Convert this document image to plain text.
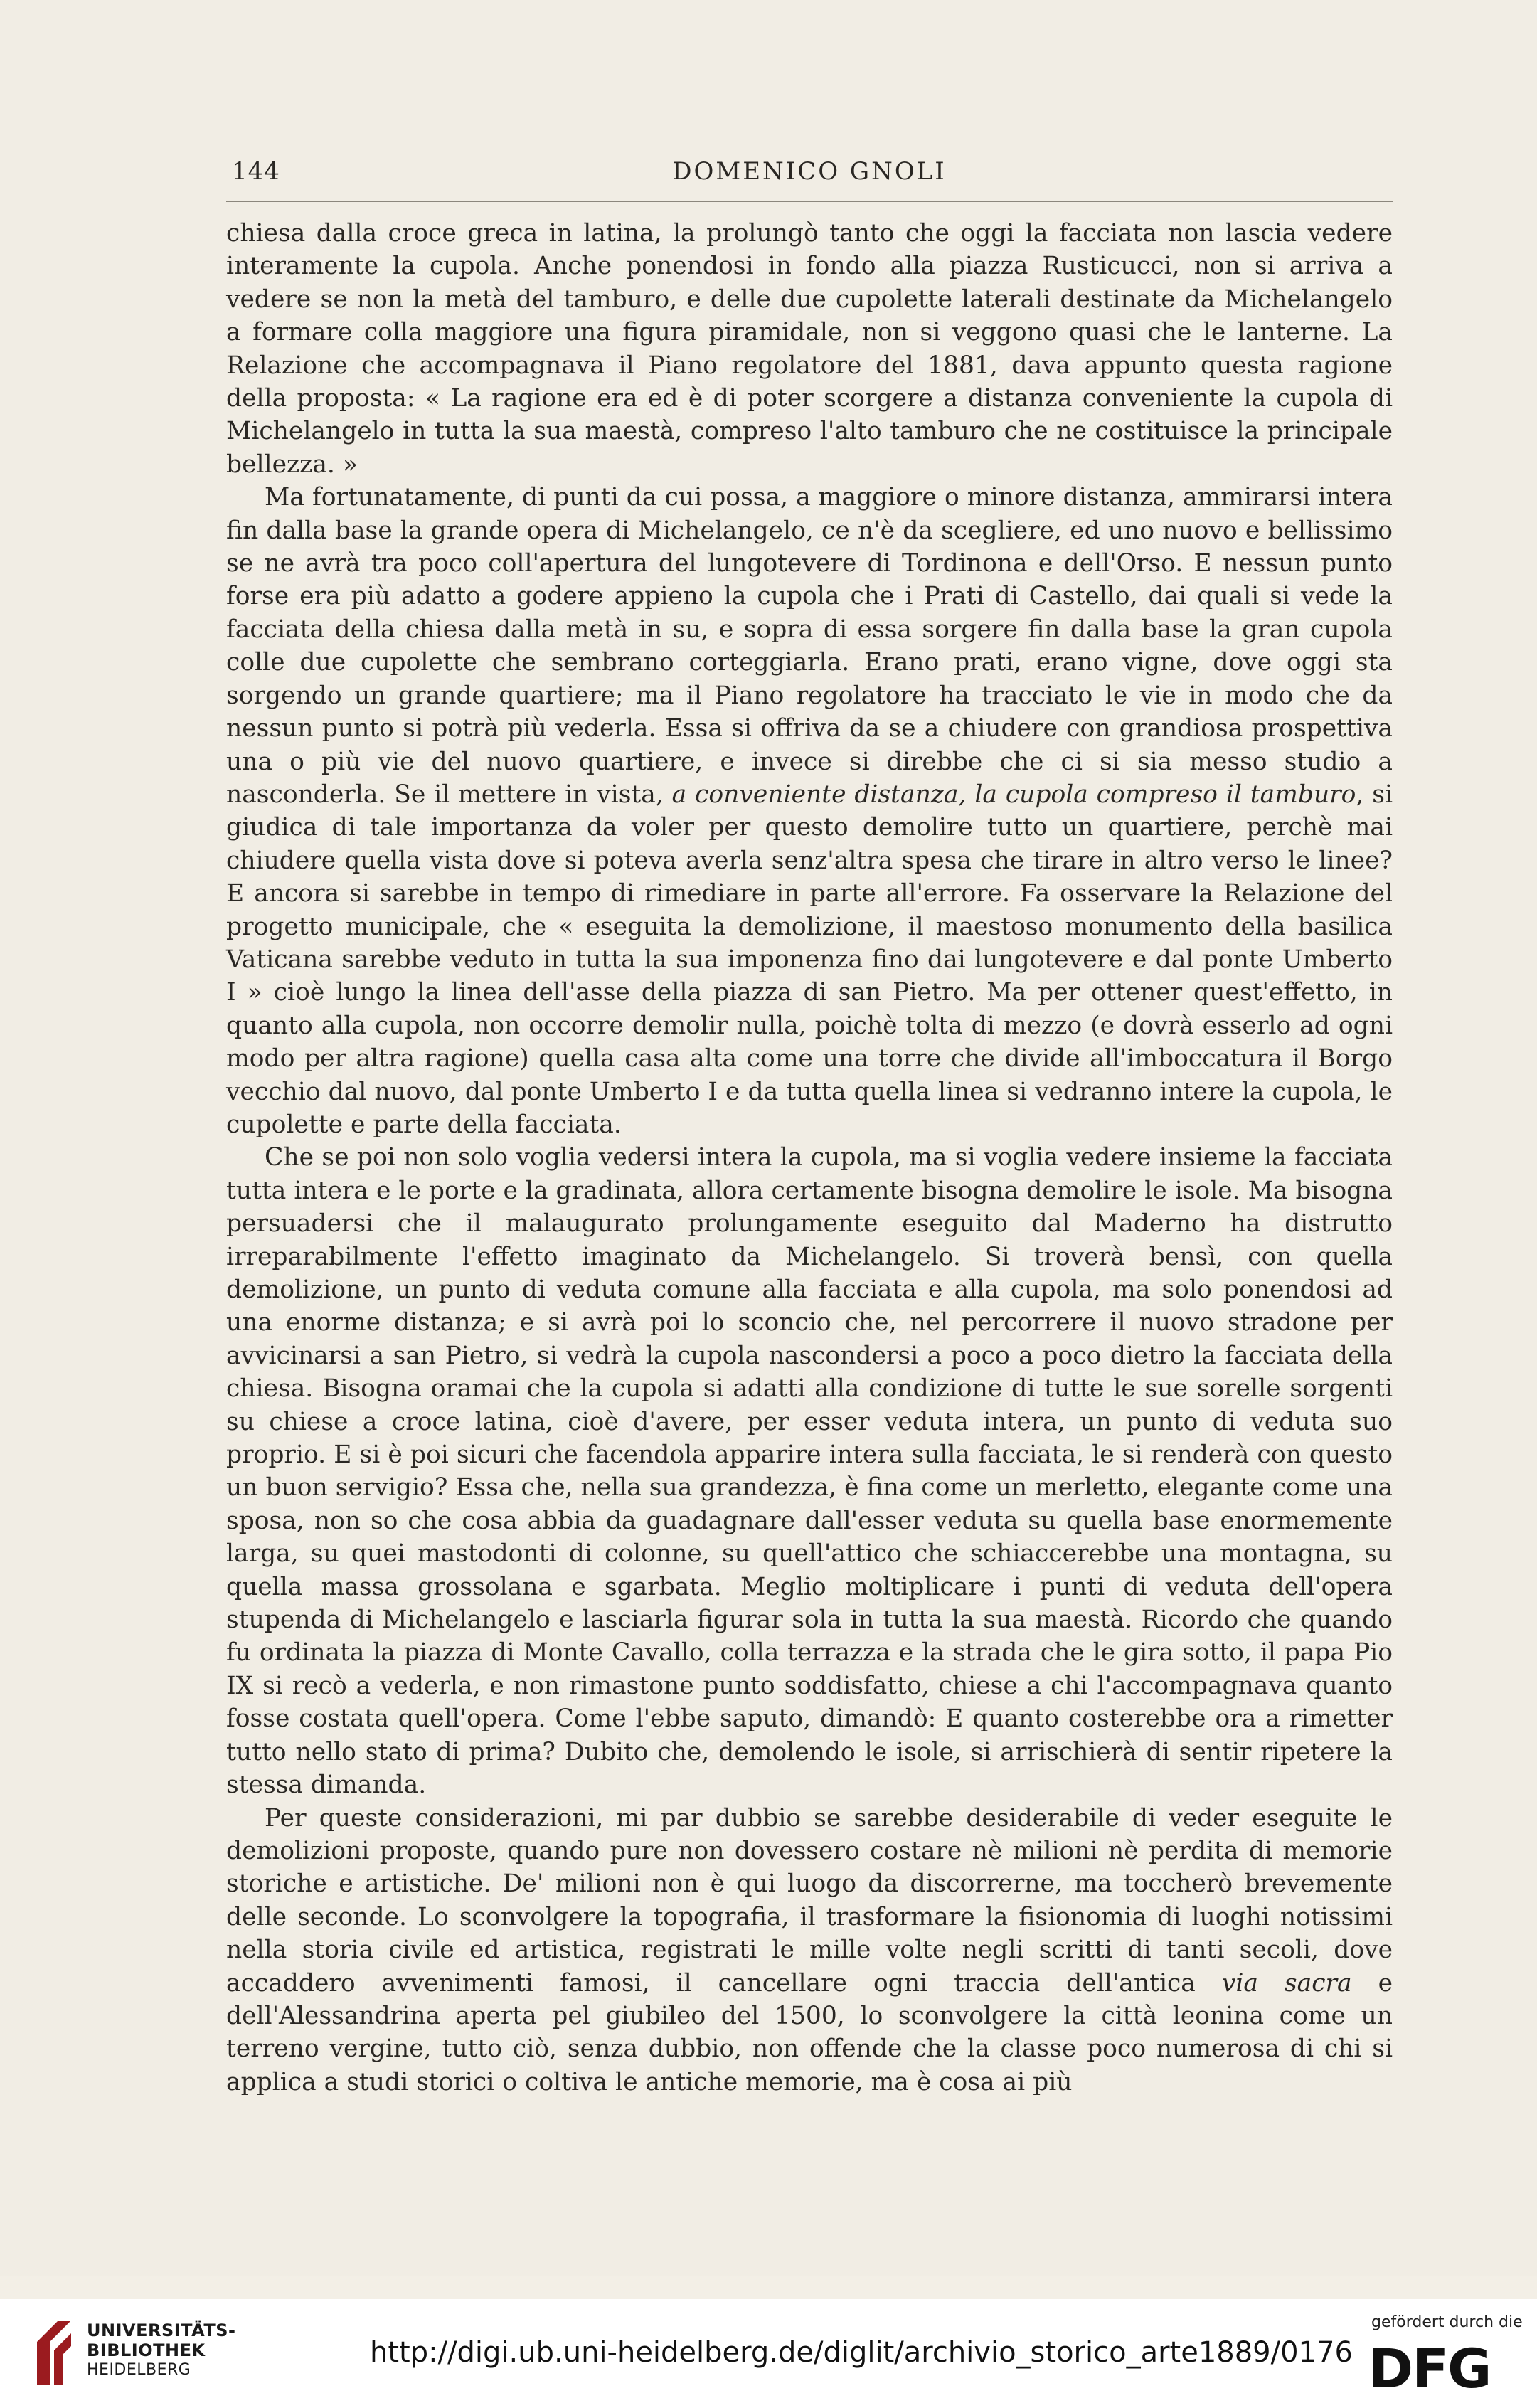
144	DOMENICO GNOLI

chiesa dalla croce greca in latina, la prolungò tanto che oggi la facciata non lascia vedere interamente la cupola. Anche ponendosi in fondo alla piazza Rusticucci, non si arriva a vedere se non la metà del tamburo, e delle due cupolette laterali destinate da Michelangelo a formare colla maggiore una figura piramidale, non si veggono quasi che le lanterne. La Relazione che accompagnava il Piano regolatore del 1881, dava appunto questa ragione della proposta: « La ragione era ed è di poter scorgere a distanza conveniente la cupola di Michelangelo in tutta la sua maestà, compreso l'alto tamburo che ne costituisce la principale bellezza. »

Ma fortunatamente, di punti da cui possa, a maggiore o minore distanza, ammirarsi intera fin dalla base la grande opera di Michelangelo, ce n'è da scegliere, ed uno nuovo e bellissimo se ne avrà tra poco coll'apertura del lungotevere di Tordinona e dell'Orso. E nessun punto forse era più adatto a godere appieno la cupola che i Prati di Castello, dai quali si vede la facciata della chiesa dalla metà in su, e sopra di essa sorgere fin dalla base la gran cupola colle due cupolette che sembrano corteggiarla. Erano prati, erano vigne, dove oggi sta sorgendo un grande quartiere; ma il Piano regolatore ha tracciato le vie in modo che da nessun punto si potrà più vederla. Essa si offriva da se a chiudere con grandiosa prospettiva una o più vie del nuovo quartiere, e invece si direbbe che ci si sia messo studio a nasconderla. Se il mettere in vista, a conveniente distanza, la cupola compreso il tamburo, si giudica di tale importanza da voler per questo demolire tutto un quartiere, perchè mai chiudere quella vista dove si poteva averla senz'altra spesa che tirare in altro verso le linee? E ancora si sarebbe in tempo di rimediare in parte all'errore. Fa osservare la Relazione del progetto municipale, che « eseguita la demolizione, il maestoso monumento della basilica Vaticana sarebbe veduto in tutta la sua imponenza fino dai lungotevere e dal ponte Umberto I » cioè lungo la linea dell'asse della piazza di san Pietro. Ma per ottener quest'effetto, in quanto alla cupola, non occorre demolir nulla, poichè tolta di mezzo (e dovrà esserlo ad ogni modo per altra ragione) quella casa alta come una torre che divide all'imboccatura il Borgo vecchio dal nuovo, dal ponte Umberto I e da tutta quella linea si vedranno intere la cupola, le cupolette e parte della facciata.

Che se poi non solo voglia vedersi intera la cupola, ma si voglia vedere insieme la facciata tutta intera e le porte e la gradinata, allora certamente bisogna demolire le isole. Ma bisogna persuadersi che il malaugurato prolungamente eseguito dal Maderno ha distrutto irreparabilmente l'effetto imaginato da Michelangelo. Si troverà bensì, con quella demolizione, un punto di veduta comune alla facciata e alla cupola, ma solo ponendosi ad una enorme distanza; e si avrà poi lo sconcio che, nel percorrere il nuovo stradone per avvicinarsi a san Pietro, si vedrà la cupola nascondersi a poco a poco dietro la facciata della chiesa. Bisogna oramai che la cupola si adatti alla condizione di tutte le sue sorelle sorgenti su chiese a croce latina, cioè d'avere, per esser veduta intera, un punto di veduta suo proprio. E si è poi sicuri che facendola apparire intera sulla facciata, le si renderà con questo un buon servigio? Essa che, nella sua grandezza, è fina come un merletto, elegante come una sposa, non so che cosa abbia da guadagnare dall'esser veduta su quella base enormemente larga, su quei mastodonti di colonne, su quell'attico che schiaccerebbe una montagna, su quella massa grossolana e sgarbata. Meglio moltiplicare i punti di veduta dell'opera stupenda di Michelangelo e lasciarla figurar sola in tutta la sua maestà. Ricordo che quando fu ordinata la piazza di Monte Cavallo, colla terrazza e la strada che le gira sotto, il papa Pio IX si recò a vederla, e non rimastone punto soddisfatto, chiese a chi l'accompagnava quanto fosse costata quell'opera. Come l'ebbe saputo, dimandò: E quanto costerebbe ora a rimetter tutto nello stato di prima? Dubito che, demolendo le isole, si arrischierà di sentir ripetere la stessa dimanda.

Per queste considerazioni, mi par dubbio se sarebbe desiderabile di veder eseguite le demolizioni proposte, quando pure non dovessero costare nè milioni nè perdita di memorie storiche e artistiche. De' milioni non è qui luogo da discorrerne, ma toccherò brevemente delle seconde. Lo sconvolgere la topografia, il trasformare la fisionomia di luoghi notissimi nella storia civile ed artistica, registrati le mille volte negli scritti di tanti secoli, dove accaddero avvenimenti famosi, il cancellare ogni traccia dell'antica via sacra e dell'Alessandrina aperta pel giubileo del 1500, lo sconvolgere la città leonina come un terreno vergine, tutto ciò, senza dubbio, non offende che la classe poco numerosa di chi si applica a studi storici o coltiva le antiche memorie, ma è cosa ai più

UNIVERSITÄTS-
BIBLIOTHEK
HEIDELBERG
http://digi.ub.uni-heidelberg.de/diglit/archivio_storico_arte1889/0176
gefördert durch die
DFG
